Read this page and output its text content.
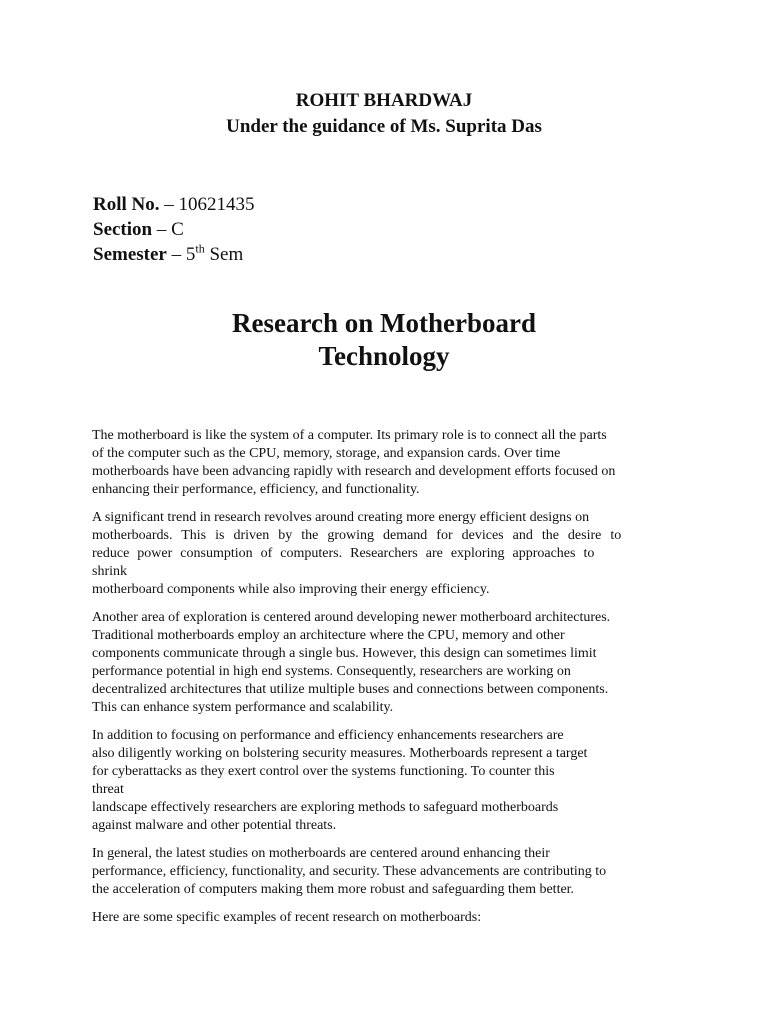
ROHIT BHARDWAJ
Under the guidance of Ms. Suprita Das
Roll No. – 10621435
Section – C
Semester – 5th Sem
Research on Motherboard
Technology
The motherboard is like the system of a computer. Its primary role is to connect all the parts
of the computer such as the CPU, memory, storage, and expansion cards. Over time
motherboards have been advancing rapidly with research and development efforts focused on
enhancing their performance, efficiency, and functionality.
A significant trend in research revolves around creating more energy efficient designs on
motherboards. This is driven by the growing demand for devices and the desire to
reduce power consumption of computers. Researchers are exploring approaches to
shrink
motherboard components while also improving their energy efficiency.
Another area of exploration is centered around developing newer motherboard architectures.
Traditional motherboards employ an architecture where the CPU, memory and other
components communicate through a single bus. However, this design can sometimes limit
performance potential in high end systems. Consequently, researchers are working on
decentralized architectures that utilize multiple buses and connections between components.
This can enhance system performance and scalability.
In addition to focusing on performance and efficiency enhancements researchers are
also diligently working on bolstering security measures. Motherboards represent a target
for cyberattacks as they exert control over the systems functioning. To counter this
threat
landscape effectively researchers are exploring methods to safeguard motherboards
against malware and other potential threats.
In general, the latest studies on motherboards are centered around enhancing their
performance, efficiency, functionality, and security. These advancements are contributing to
the acceleration of computers making them more robust and safeguarding them better.
Here are some specific examples of recent research on motherboards:
